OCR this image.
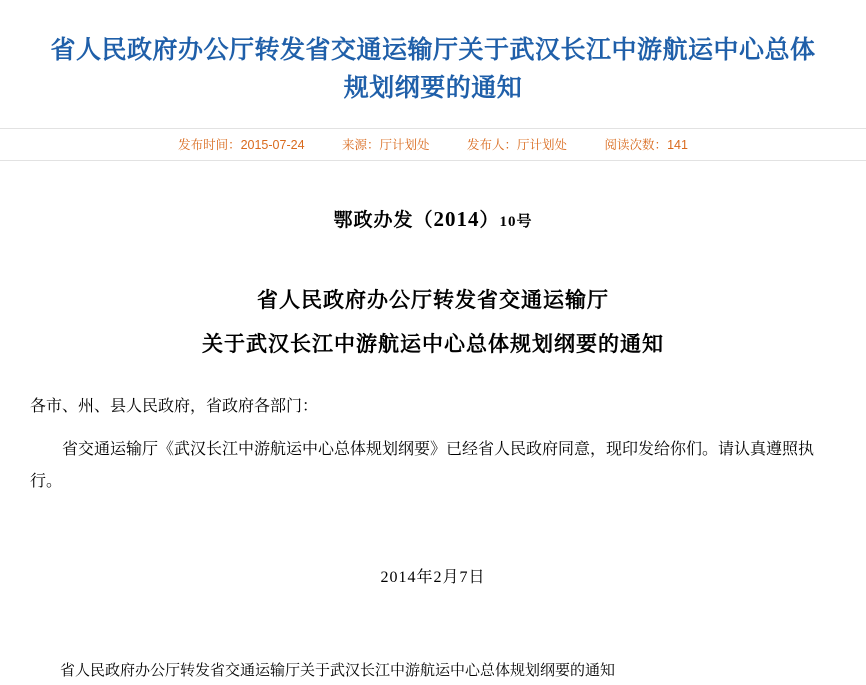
省人民政府办公厅转发省交通运输厅关于武汉长江中游航运中心总体规划纲要的通知
发布时间：2015-07-24	来源：厅计划处	发布人：厅计划处	阅读次数：141
鄂政办发（2014）10号
省人民政府办公厅转发省交通运输厅
关于武汉长江中游航运中心总体规划纲要的通知
各市、州、县人民政府，省政府各部门：
省交通运输厅《武汉长江中游航运中心总体规划纲要》已经省人民政府同意，现印发给你们。请认真遵照执行。
2014年2月7日
省人民政府办公厅转发省交通运输厅关于武汉长江中游航运中心总体规划纲要的通知
